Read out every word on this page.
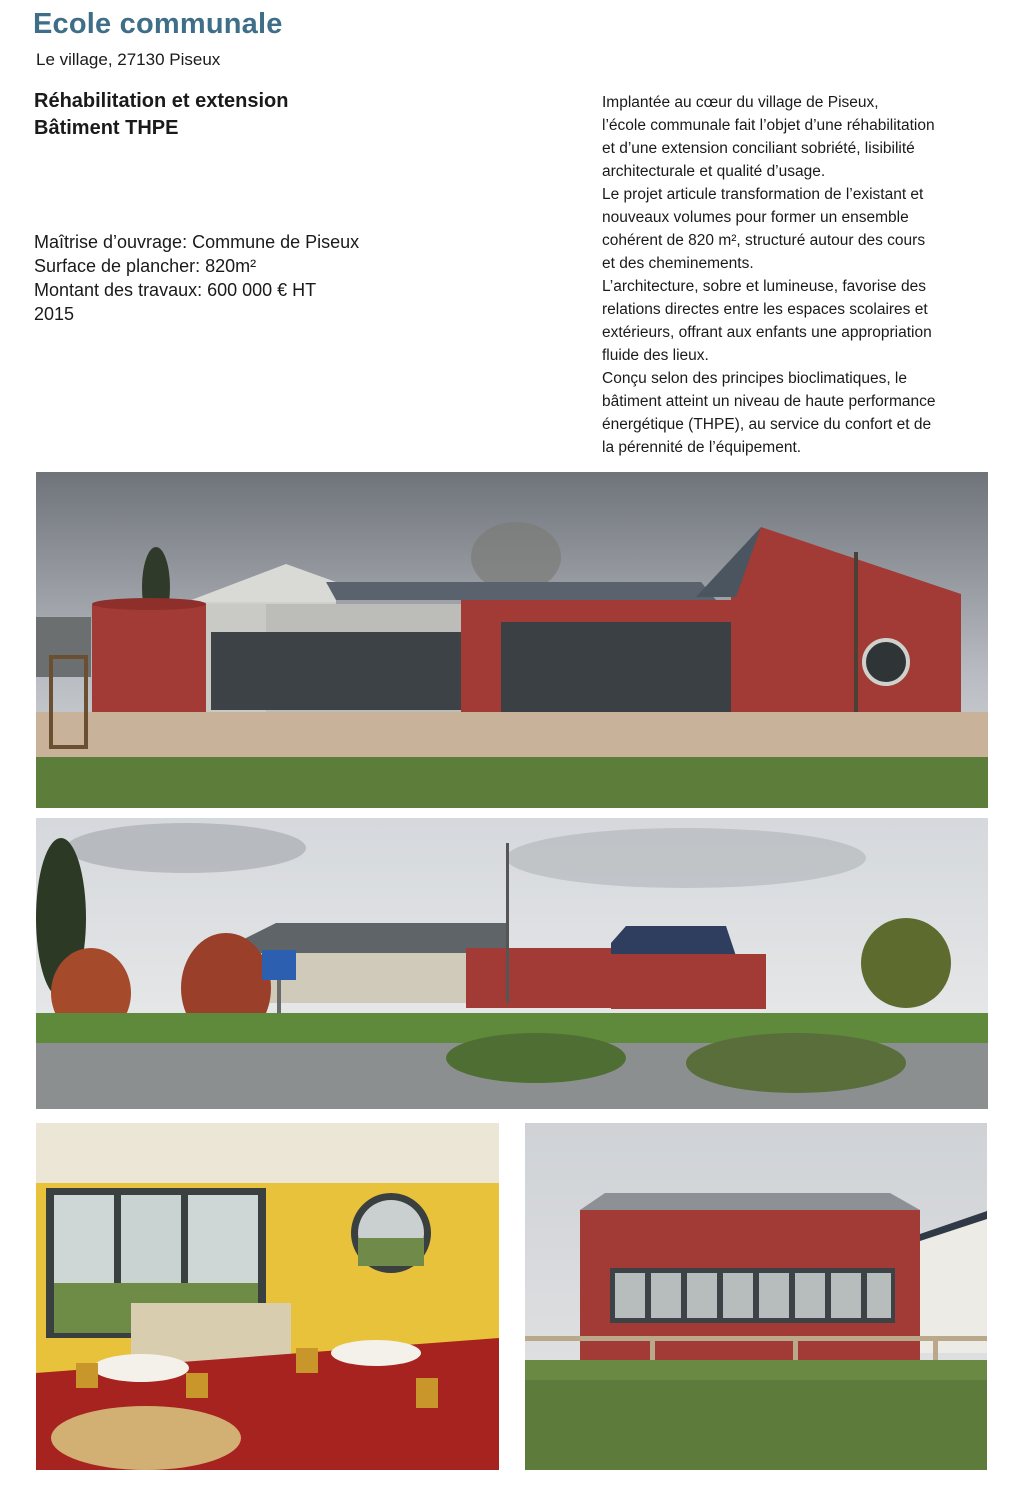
Ecole communale
Le village, 27130 Piseux
Réhabilitation et extension
Bâtiment THPE
Maîtrise d’ouvrage: Commune de Piseux
Surface de plancher: 820m²
Montant des travaux: 600 000 € HT
2015
Implantée au cœur du village de Piseux,
l’école communale fait l’objet d’une réhabilitation
et d’une extension conciliant sobriété, lisibilité
architecturale et qualité d’usage.
Le projet articule transformation de l’existant et
nouveaux volumes pour former un ensemble
cohérent de 820 m², structuré autour des cours
et des cheminements.
L’architecture, sobre et lumineuse, favorise des
relations directes entre les espaces scolaires et
extérieurs, offrant aux enfants une appropriation
fluide des lieux.
Conçu selon des principes bioclimatiques, le
bâtiment atteint un niveau de haute performance
énergétique (THPE), au service du confort et de
la pérennité de l’équipement.
